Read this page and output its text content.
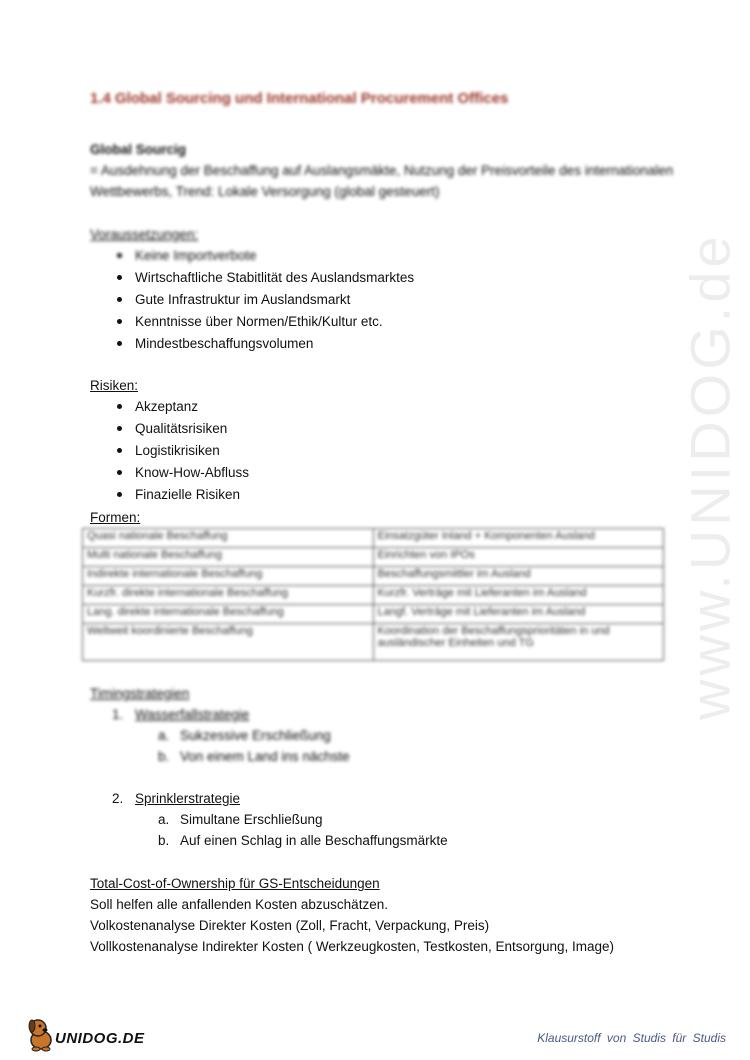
1.4 Global Sourcing und International Procurement Offices
Global Sourcig
= Ausdehnung der Beschaffung auf Auslangsmäkte, Nutzung der Preisvorteile des internationalen
Wettbewerbs, Trend: Lokale Versorgung (global gesteuert)
Voraussetzungen:
Keine Importverbote
Wirtschaftliche Stabitlität des Auslandsmarktes
Gute Infrastruktur im Auslandsmarkt
Kenntnisse über Normen/Ethik/Kultur etc.
Mindestbeschaffungsvolumen
Risiken:
Akzeptanz
Qualitätsrisiken
Logistikrisiken
Know-How-Abfluss
Finazielle Risiken
Formen:
Quasi nationale Beschaffung	Einsatzgüter Inland + Komponenten Ausland
Multi nationale Beschaffung	Einrichten von IPOs
Indirekte internationale Beschaffung	Beschaffungsmittler im Ausland
Kurzfr. direkte internationale Beschaffung	Kurzfr. Verträge mit Lieferanten im Ausland
Lang. direkte internationale Beschaffung	Langf. Verträge mit Lieferanten im Ausland
Weltweit koordinierte Beschaffung	Koordination der Beschaffungsprioritäten in und ausländischer Einheiten und TG
Timingstrategien
1. Wasserfallstrategie
a. Sukzessive Erschließung
b. Von einem Land ins nächste
2. Sprinklerstrategie
a. Simultane Erschließung
b. Auf einen Schlag in alle Beschaffungsmärkte
Total-Cost-of-Ownership für GS-Entscheidungen
Soll helfen alle anfallenden Kosten abzuschätzen.
Volkostenanalyse Direkter Kosten (Zoll, Fracht, Verpackung, Preis)
Vollkostenanalyse Indirekter Kosten ( Werkzeugkosten, Testkosten, Entsorgung, Image)
www.UNIDOG.de
UNIDOG.DE	Klausurstoff von Studis für Studis
